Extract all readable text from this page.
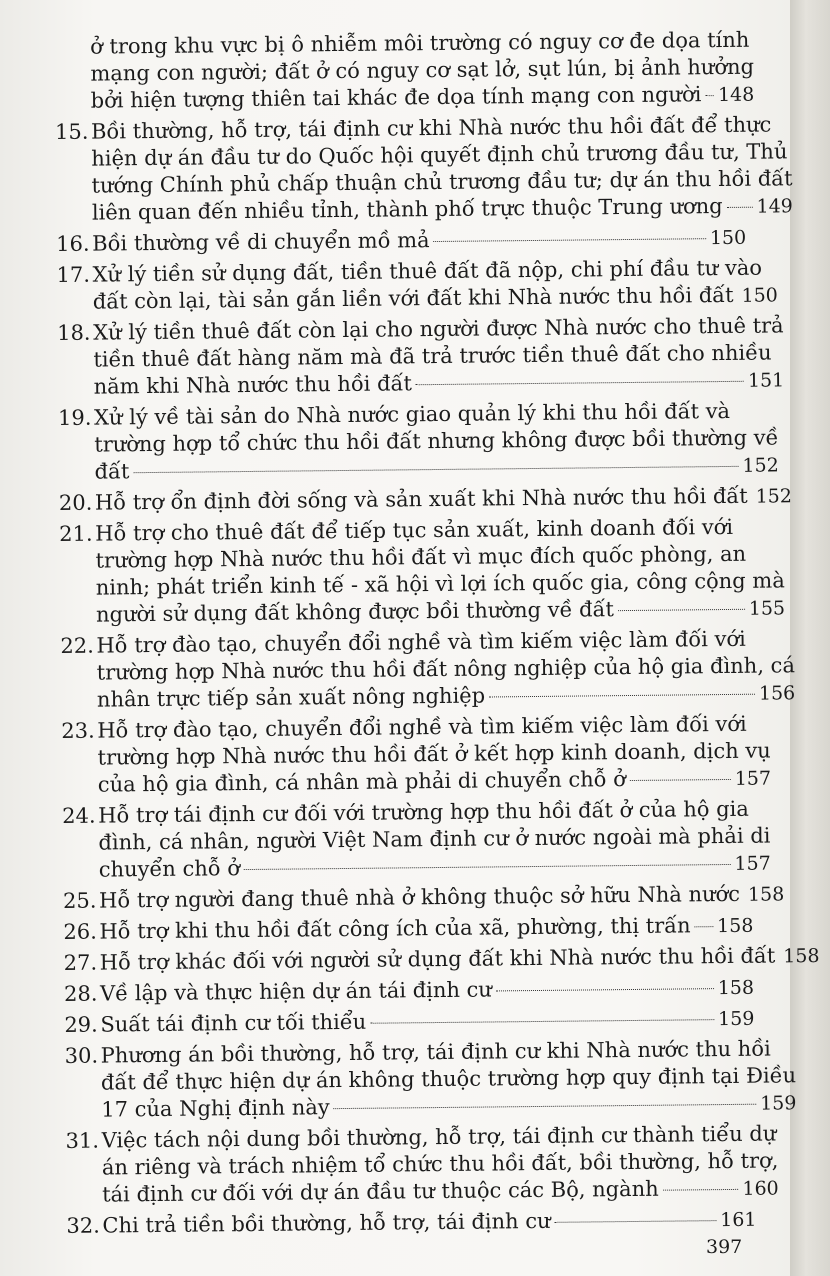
ở trong khu vực bị ô nhiễm môi trường có nguy cơ đe dọa tính
mạng con người; đất ở có nguy cơ sạt lở, sụt lún, bị ảnh hưởng
bởi hiện tượng thiên tai khác đe dọa tính mạng con người 148
15. Bồi thường, hỗ trợ, tái định cư khi Nhà nước thu hồi đất để thực
hiện dự án đầu tư do Quốc hội quyết định chủ trương đầu tư, Thủ
tướng Chính phủ chấp thuận chủ trương đầu tư; dự án thu hồi đất
liên quan đến nhiều tỉnh, thành phố trực thuộc Trung ương 149
16. Bồi thường về di chuyển mồ mả	150
17. Xử lý tiền sử dụng đất, tiền thuê đất đã nộp, chi phí đầu tư vào
đất còn lại, tài sản gắn liền với đất khi Nhà nước thu hồi đất 150
18. Xử lý tiền thuê đất còn lại cho người được Nhà nước cho thuê trả
tiền thuê đất hàng năm mà đã trả trước tiền thuê đất cho nhiều
năm khi Nhà nước thu hồi đất	151
19. Xử lý về tài sản do Nhà nước giao quản lý khi thu hồi đất và
trường hợp tổ chức thu hồi đất nhưng không được bồi thường về
đất	152
20. Hỗ trợ ổn định đời sống và sản xuất khi Nhà nước thu hồi đất 152
21. Hỗ trợ cho thuê đất để tiếp tục sản xuất, kinh doanh đối với
trường hợp Nhà nước thu hồi đất vì mục đích quốc phòng, an
ninh; phát triển kinh tế - xã hội vì lợi ích quốc gia, công cộng mà
người sử dụng đất không được bồi thường về đất	155
22. Hỗ trợ đào tạo, chuyển đổi nghề và tìm kiếm việc làm đối với
trường hợp Nhà nước thu hồi đất nông nghiệp của hộ gia đình, cá
nhân trực tiếp sản xuất nông nghiệp	156
23. Hỗ trợ đào tạo, chuyển đổi nghề và tìm kiếm việc làm đối với
trường hợp Nhà nước thu hồi đất ở kết hợp kinh doanh, dịch vụ
của hộ gia đình, cá nhân mà phải di chuyển chỗ ở	157
24. Hỗ trợ tái định cư đối với trường hợp thu hồi đất ở của hộ gia
đình, cá nhân, người Việt Nam định cư ở nước ngoài mà phải di
chuyển chỗ ở	157
25. Hỗ trợ người đang thuê nhà ở không thuộc sở hữu Nhà nước 158
26. Hỗ trợ khi thu hồi đất công ích của xã, phường, thị trấn 158
27. Hỗ trợ khác đối với người sử dụng đất khi Nhà nước thu hồi đất 158
28. Về lập và thực hiện dự án tái định cư	158
29. Suất tái định cư tối thiểu	159
30. Phương án bồi thường, hỗ trợ, tái định cư khi Nhà nước thu hồi
đất để thực hiện dự án không thuộc trường hợp quy định tại Điều
17 của Nghị định này	159
31. Việc tách nội dung bồi thường, hỗ trợ, tái định cư thành tiểu dự
án riêng và trách nhiệm tổ chức thu hồi đất, bồi thường, hỗ trợ,
tái định cư đối với dự án đầu tư thuộc các Bộ, ngành	160
32. Chi trả tiền bồi thường, hỗ trợ, tái định cư	161
397
